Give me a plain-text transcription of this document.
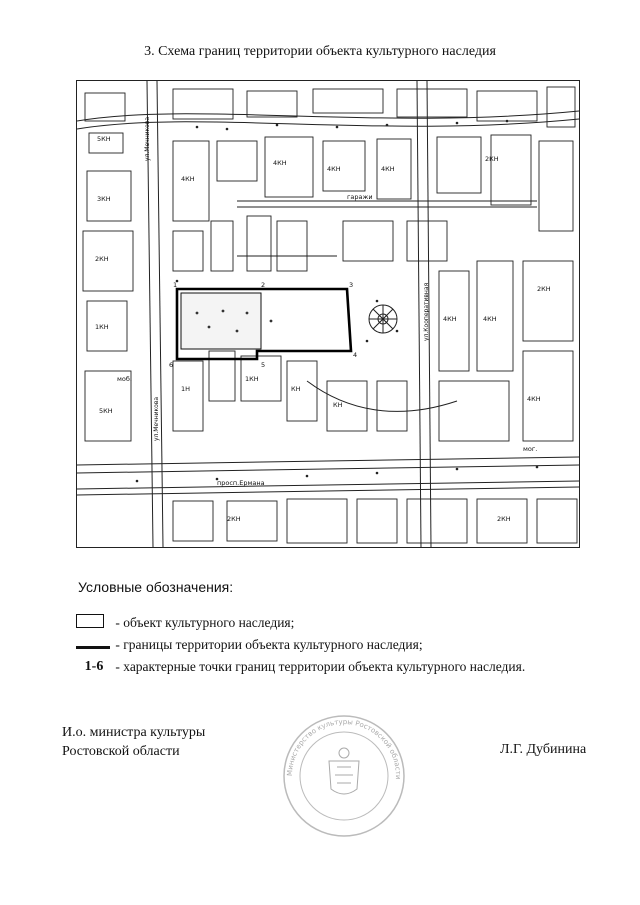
3. Схема границ территории объекта культурного наследия
1	2	3
4
5
6
ул.Мечникова
просп.Ермана
ул.Кооперативная
ул.Мечникова
5КН
3КН
2КН
1КН
4КН
4КН
5КН
4КН	4КН
2КН
1Н
1КН
КН
2КН
4КН
4КН
гаражи
2КН	2КН
КН
4КН
мог.
моб.
Условные обозначения:
- объект культурного наследия;
- границы территории объекта культурного наследия;
1-6 - характерные точки границ территории объекта культурного наследия.
И.о. министра культуры
Ростовской области
Министерство культуры Ростовской области
Л.Г. Дубинина
